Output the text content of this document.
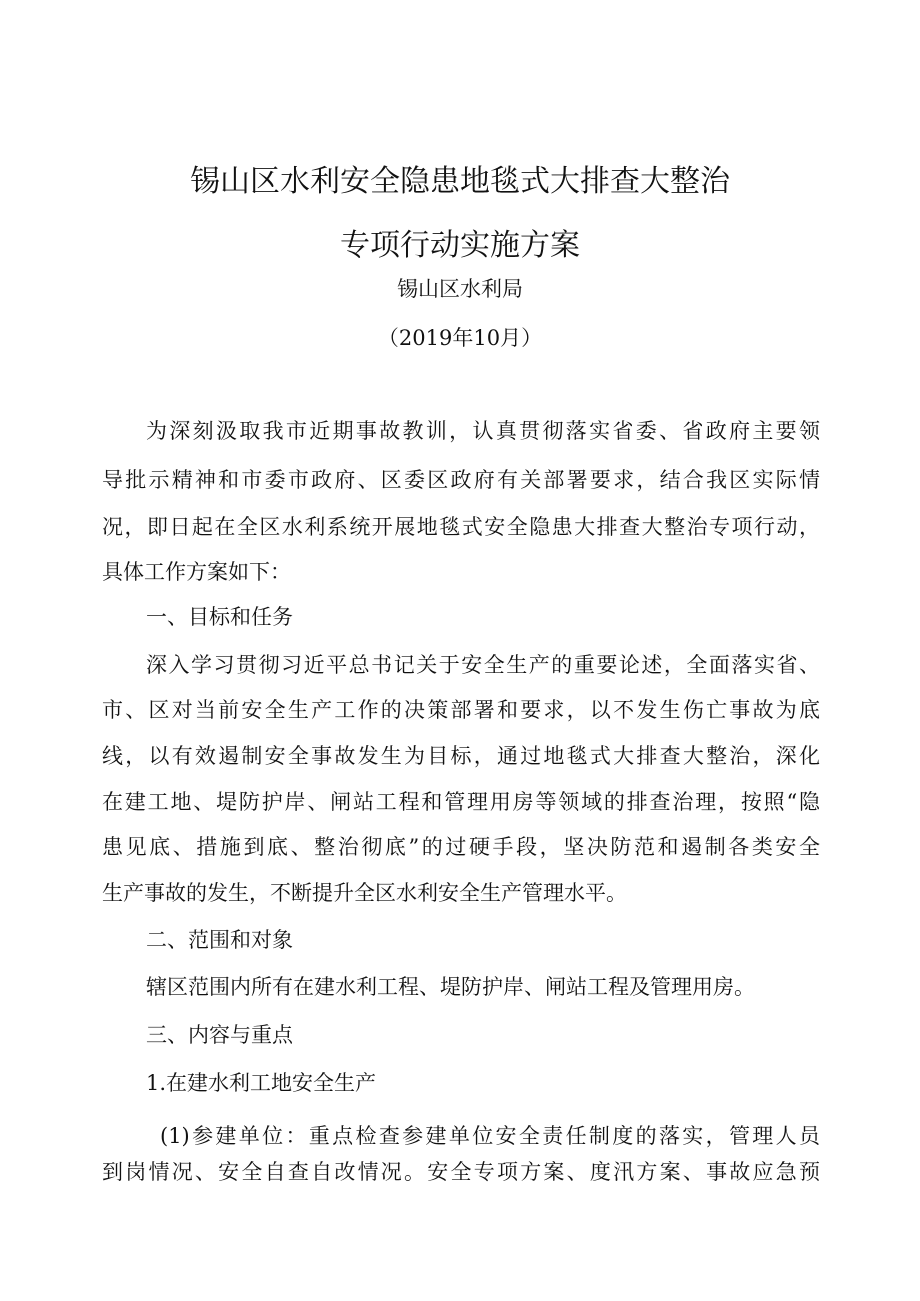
锡山区水利安全隐患地毯式大排查大整治
专项行动实施方案
锡山区水利局
（2019年10月）
为深刻汲取我市近期事故教训，认真贯彻落实省委、省政府主要领
导批示精神和市委市政府、区委区政府有关部署要求，结合我区实际情
况，即日起在全区水利系统开展地毯式安全隐患大排查大整治专项行动，
具体工作方案如下：
一、目标和任务
深入学习贯彻习近平总书记关于安全生产的重要论述，全面落实省、
市、区对当前安全生产工作的决策部署和要求，以不发生伤亡事故为底
线，以有效遏制安全事故发生为目标，通过地毯式大排查大整治，深化
在建工地、堤防护岸、闸站工程和管理用房等领域的排查治理，按照“隐
患见底、措施到底、整治彻底”的过硬手段，坚决防范和遏制各类安全
生产事故的发生，不断提升全区水利安全生产管理水平。
二、范围和对象
辖区范围内所有在建水利工程、堤防护岸、闸站工程及管理用房。
三、内容与重点
1.在建水利工地安全生产
(1)参建单位：重点检查参建单位安全责任制度的落实，管理人员
到岗情况、安全自查自改情况。安全专项方案、度汛方案、事故应急预
